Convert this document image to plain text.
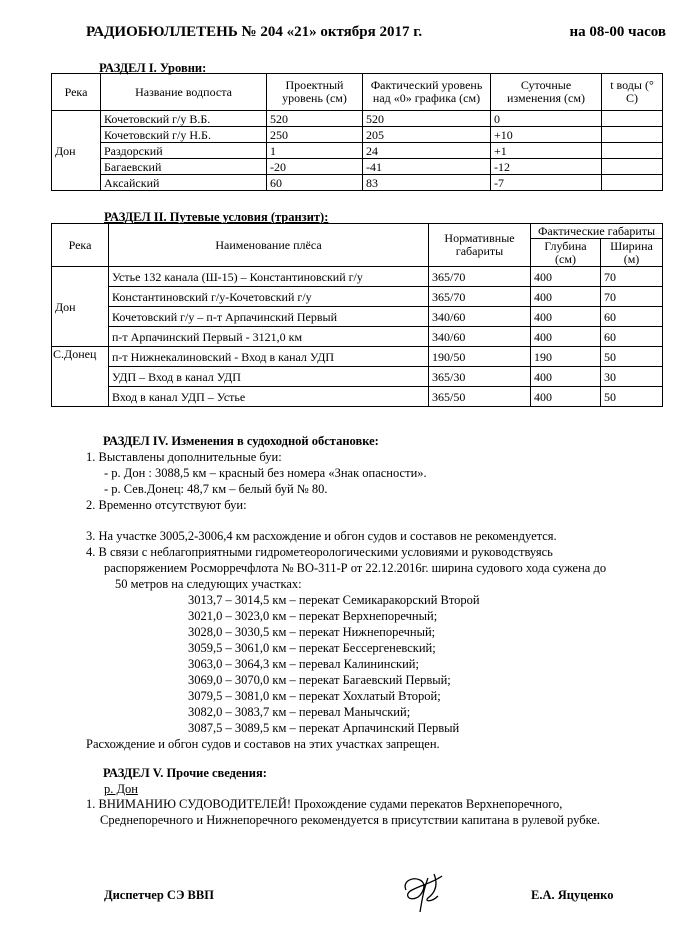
РАДИОБЮЛЛЕТЕНЬ № 204 «21» октября 2017 г.	на 08-00 часов
РАЗДЕЛ I. Уровни:
Река	Название водпоста	Проектный уровень (см)	Фактический уровень над «0» графика (см)	Суточные изменения (см)	t воды (° С)
Дон	Кочетовский г/у В.Б.	520	520	0	
	Кочетовский г/у Н.Б.	250	205	+10	
	Раздорский	1	24	+1	
	Багаевский	-20	-41	-12	
	Аксайский	60	83	-7	
РАЗДЕЛ II. Путевые условия (транзит):
Река	Наименование плёса	Нормативные габариты	Фактические габариты	
			Глубина (см)	Ширина (м)
Дон	Устье 132 канала (Ш-15) – Константиновский г/у	365/70	400	70
	Константиновский г/у-Кочетовский г/у	365/70	400	70
	Кочетовский г/у – п-т Арпачинский Первый	340/60	400	60
	п-т Арпачинский Первый - 3121,0 км	340/60	400	60
С.Донец	п-т Нижнекалиновский - Вход в канал УДП	190/50	190	50
	УДП – Вход в канал УДП	365/30	400	30
	Вход в канал УДП – Устье	365/50	400	50
РАЗДЕЛ IV. Изменения в судоходной обстановке:
1. Выставлены дополнительные буи:
- р. Дон : 3088,5 км – красный без номера «Знак опасности».
- р. Сев.Донец: 48,7 км – белый буй № 80.
2. Временно отсутствуют буи:
3. На участке 3005,2-3006,4 км расхождение и обгон судов и составов не рекомендуется.
4. В связи с неблагоприятными гидрометеорологическими условиями и руководствуясь
распоряжением Росморречфлота № ВО-311-Р от 22.12.2016г. ширина судового хода сужена до
50 метров на следующих участках:
3013,7 – 3014,5 км – перекат Семикаракорский Второй
3021,0 – 3023,0 км – перекат Верхнепоречный;
3028,0 – 3030,5 км – перекат Нижнепоречный;
3059,5 – 3061,0 км – перекат Бессергеневский;
3063,0 – 3064,3 км – перевал Калининский;
3069,0 – 3070,0 км – перекат Багаевский Первый;
3079,5 – 3081,0 км – перекат Хохлатый Второй;
3082,0 – 3083,7 км – перевал Манычский;
3087,5 – 3089,5 км – перекат Арпачинский Первый
Расхождение и обгон судов и составов на этих участках запрещен.
РАЗДЕЛ V. Прочие сведения:
р. Дон
1. ВНИМАНИЮ СУДОВОДИТЕЛЕЙ! Прохождение судами перекатов Верхнепоречного,
Среднепоречного и Нижнепоречного рекомендуется в присутствии капитана в рулевой рубке.
Диспетчер СЭ ВВП	Е.А. Яцуценко
